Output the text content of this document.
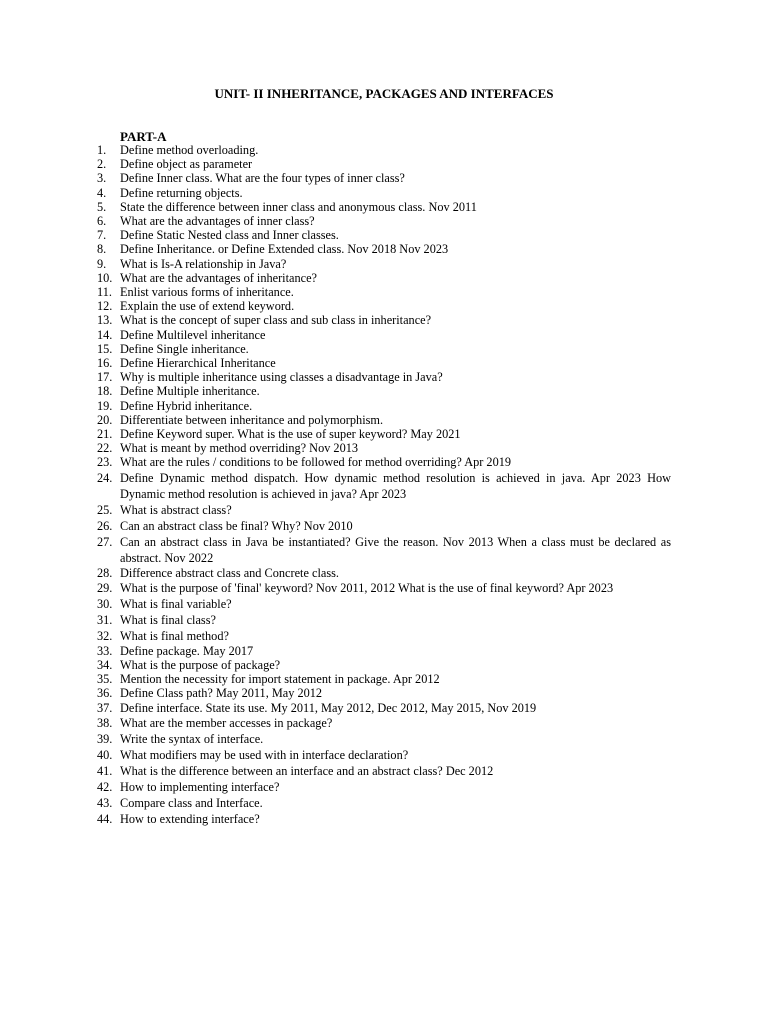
UNIT- II INHERITANCE, PACKAGES AND INTERFACES
PART-A
1.	Define method overloading.
2.	Define object as parameter
3.	Define Inner class. What are the four types of inner class?
4.	Define returning objects.
5.	State the difference between inner class and anonymous class. Nov 2011
6.	What are the advantages of inner class?
7.	Define Static Nested class and Inner classes.
8.	Define Inheritance. or Define Extended class. Nov 2018 Nov 2023
9.	What is Is-A relationship in Java?
10. What are the advantages of inheritance?
11. Enlist various forms of inheritance.
12. Explain the use of extend keyword.
13. What is the concept of super class and sub class in inheritance?
14. Define Multilevel inheritance
15. Define Single inheritance.
16. Define Hierarchical Inheritance
17. Why is multiple inheritance using classes a disadvantage in Java?
18. Define Multiple inheritance.
19. Define Hybrid inheritance.
20. Differentiate between inheritance and polymorphism.
21. Define Keyword super. What is the use of super keyword? May 2021
22. What is meant by method overriding? Nov 2013
23. What are the rules / conditions to be followed for method overriding? Apr 2019
24. Define Dynamic method dispatch. How dynamic method resolution is achieved in java. Apr 2023 How Dynamic method resolution is achieved in java? Apr 2023
25. What is abstract class?
26. Can an abstract class be final? Why? Nov 2010
27. Can an abstract class in Java be instantiated? Give the reason. Nov 2013 When a class must be declared as abstract. Nov 2022
28. Difference abstract class and Concrete class.
29. What is the purpose of 'final' keyword? Nov 2011, 2012 What is the use of final keyword? Apr 2023
30. What is final variable?
31. What is final class?
32. What is final method?
33. Define package. May 2017
34. What is the purpose of package?
35. Mention the necessity for import statement in package. Apr 2012
36. Define Class path? May 2011, May 2012
37. Define interface. State its use. My 2011, May 2012, Dec 2012, May 2015, Nov 2019
38. What are the member accesses in package?
39. Write the syntax of interface.
40. What modifiers may be used with in interface declaration?
41. What is the difference between an interface and an abstract class? Dec 2012
42. How to implementing interface?
43. Compare class and Interface.
44. How to extending interface?
